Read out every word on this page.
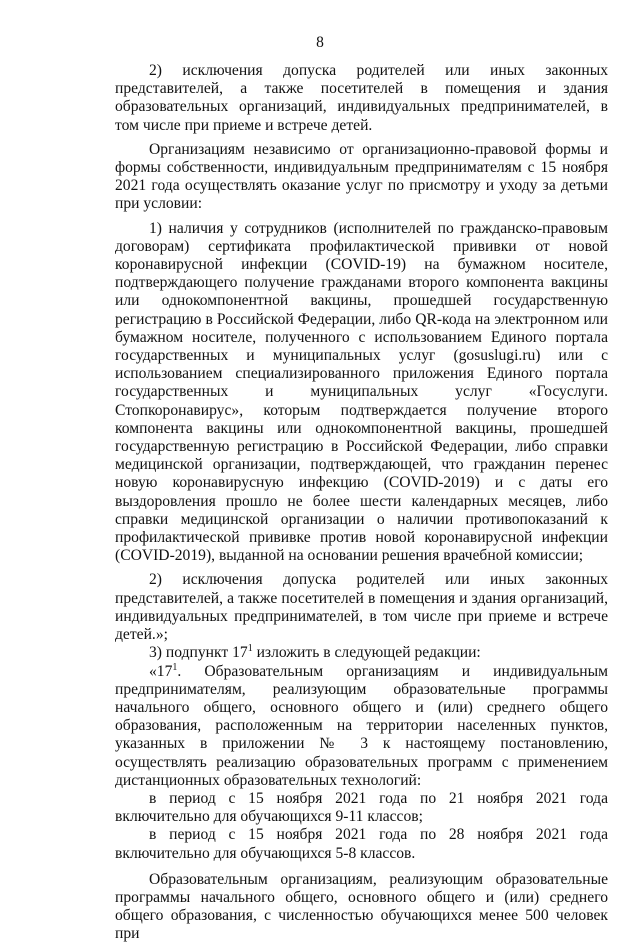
8

2) исключения допуска родителей или иных законных представителей, а также посетителей в помещения и здания образовательных организаций, индивидуальных предпринимателей, в том числе при приеме и встрече детей.

Организациям независимо от организационно-правовой формы и формы собственности, индивидуальным предпринимателям с 15 ноября 2021 года осуществлять оказание услуг по присмотру и уходу за детьми при условии:

1) наличия у сотрудников (исполнителей по гражданско-правовым договорам) сертификата профилактической прививки от новой коронавирусной инфекции (COVID-19) на бумажном носителе, подтверждающего получение гражданами второго компонента вакцины или однокомпонентной вакцины, прошедшей государственную регистрацию в Российской Федерации, либо QR-кода на электронном или бумажном носителе, полученного с использованием Единого портала государственных и муниципальных услуг (gosuslugi.ru) или с использованием специализированного приложения Единого портала государственных и муниципальных услуг «Госуслуги. Стопкоронавирус», которым подтверждается получение второго компонента вакцины или однокомпонентной вакцины, прошедшей государственную регистрацию в Российской Федерации, либо справки медицинской организации, подтверждающей, что гражданин перенес новую коронавирусную инфекцию (COVID-2019) и с даты его выздоровления прошло не более шести календарных месяцев, либо справки медицинской организации о наличии противопоказаний к профилактической прививке против новой коронавирусной инфекции (COVID-2019), выданной на основании решения врачебной комиссии;

2) исключения допуска родителей или иных законных представителей, а также посетителей в помещения и здания организаций, индивидуальных предпринимателей, в том числе при приеме и встрече детей.»;

3) подпункт $17^1$ изложить в следующей редакции:

«$17^1$. Образовательным организациям и индивидуальным предпринимателям, реализующим образовательные программы начального общего, основного общего и (или) среднего общего образования, расположенным на территории населенных пунктов, указанных в приложении № 3 к настоящему постановлению, осуществлять реализацию образовательных программ с применением дистанционных образовательных технологий:

в период с 15 ноября 2021 года по 21 ноября 2021 года включительно для обучающихся 9-11 классов;

в период с 15 ноября 2021 года по 28 ноября 2021 года включительно для обучающихся 5-8 классов.

Образовательным организациям, реализующим образовательные программы начального общего, основного общего и (или) среднего общего образования, с численностью обучающихся менее 500 человек при
